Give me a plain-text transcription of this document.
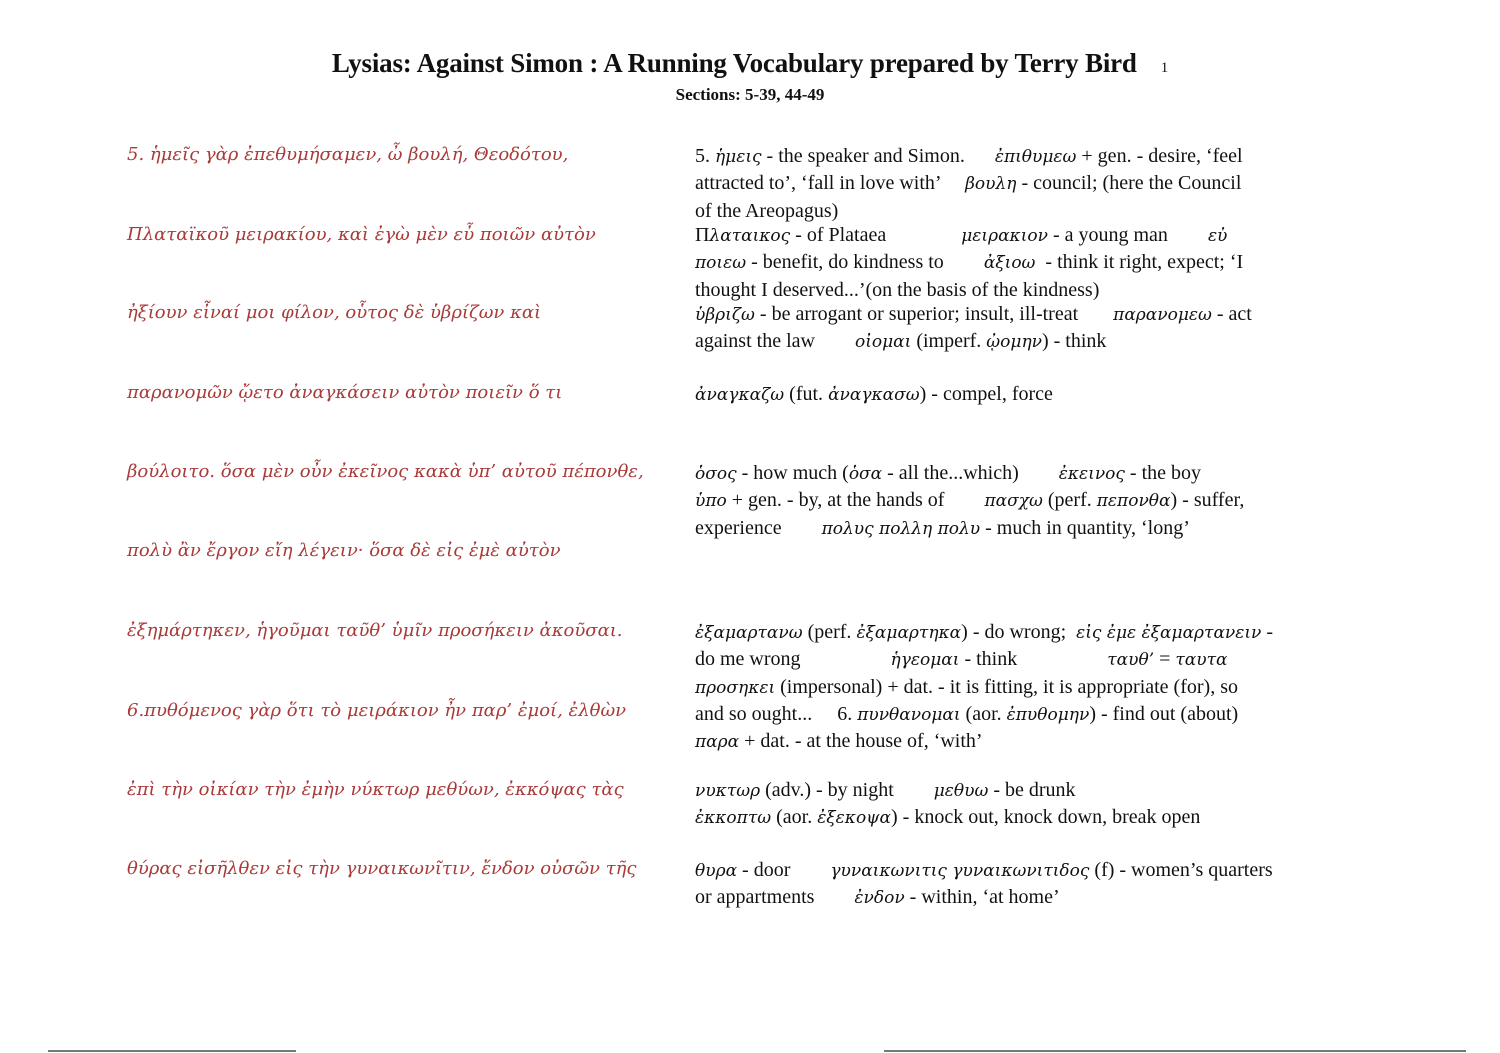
Lysias: Against Simon : A Running Vocabulary prepared by Terry Bird 1
Sections: 5-39, 44-49
5. ἡμεῖς γὰρ ἐπεθυμήσαμεν, ὦ βουλή, Θεοδότου,
Πλαταϊκοῦ μειρακίου, καὶ ἐγὼ μὲν εὖ ποιῶν αὐτὸν
ἠξίουν εἶναί μοι φίλον, οὗτος δὲ ὑβρίζων καὶ
παρανομῶν ᾤετο ἀναγκάσειν αὐτὸν ποιεῖν ὅ τι
βούλοιτο. ὅσα μὲν οὖν ἐκεῖνος κακὰ ὑπ’ αὐτοῦ πέπονθε,
πολὺ ἂν ἔργον εἴη λέγειν· ὅσα δὲ εἰς ἐμὲ αὐτὸν
ἐξημάρτηκεν, ἡγοῦμαι ταῦθ’ ὑμῖν προσήκειν ἀκοῦσαι.
6.πυθόμενος γὰρ ὅτι τὸ μειράκιον ἦν παρ’ ἐμοί, ἐλθὼν
ἐπὶ τὴν οἰκίαν τὴν ἐμὴν νύκτωρ μεθύων, ἐκκόψας τὰς
θύρας εἰσῆλθεν εἰς τὴν γυναικωνῖτιν, ἔνδον οὐσῶν τῆς
5. ἡμεις - the speaker and Simon.      ἐπιθυμεω + gen. - desire, ‘feel
attracted to’, ‘fall in love with’     βουλη - council; (here the Council
of the Areopagus)
Πλαταικος - of Plataea               μειρακιον - a young man        εὐ
ποιεω - benefit, do kindness to        ἀξιοω  - think it right, expect; ‘I
thought I deserved...’(on the basis of the kindness)
ὑβριζω - be arrogant or superior; insult, ill-treat       παρανομεω - act
against the law        οἰομαι (imperf. ᾠομην) - think
ἀναγκαζω (fut. ἀναγκασω) - compel, force
ὁσος - how much (ὁσα - all the...which)        ἐκεινος - the boy
ὑπο + gen. - by, at the hands of        πασχω (perf. πεπονθα) - suffer,
experience        πολυς πολλη πολυ - much in quantity, ‘long’
ἐξαμαρτανω (perf. ἐξαμαρτηκα) - do wrong;  εἰς ἐμε ἐξαμαρτανειν -
do me wrong                  ἡγεομαι - think                  ταυθ’ = ταυτα
προσηκει (impersonal) + dat. - it is fitting, it is appropriate (for), so
and so ought...     6. πυνθανομαι (aor. ἐπυθομην) - find out (about)
παρα + dat. - at the house of, ‘with’
νυκτωρ (adv.) - by night        μεθυω - be drunk
ἐκκοπτω (aor. ἐξεκοψα) - knock out, knock down, break open
θυρα - door        γυναικωνιτις γυναικωνιτιδος (f) - women’s quarters
or appartments        ἐνδον - within, ‘at home’
